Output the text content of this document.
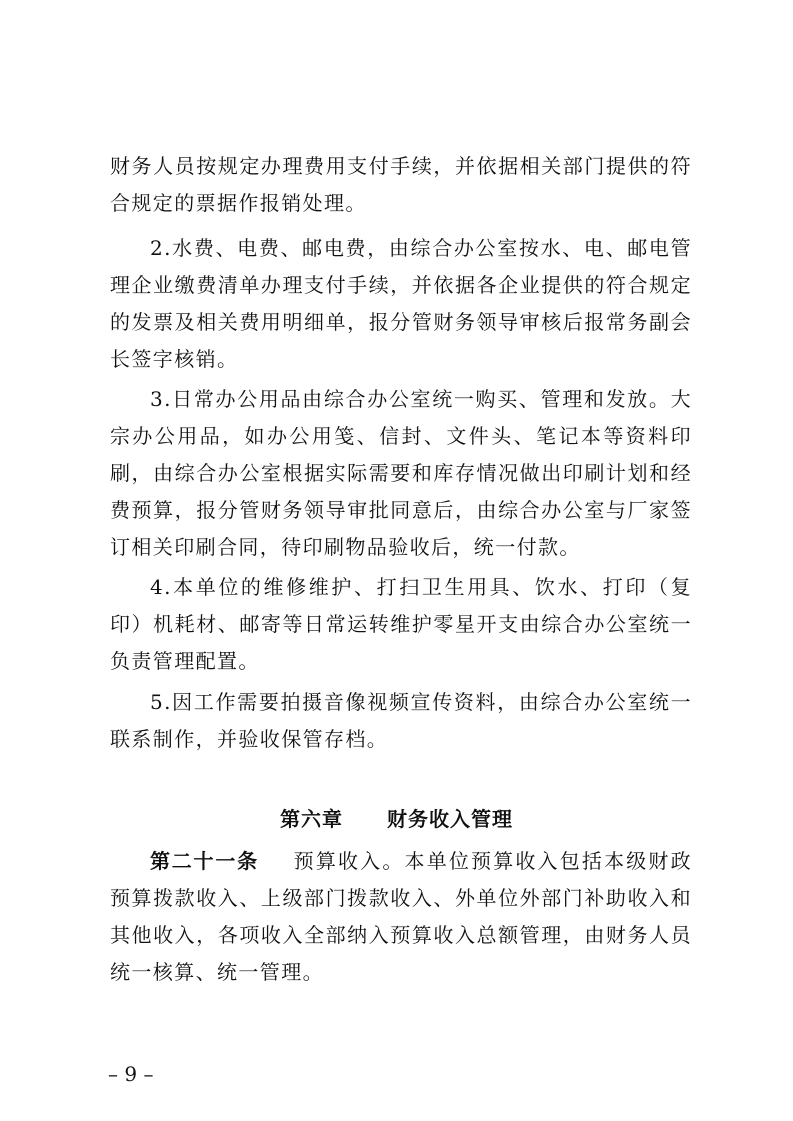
财务人员按规定办理费用支付手续，并依据相关部门提供的符合规定的票据作报销处理。

2.水费、电费、邮电费，由综合办公室按水、电、邮电管理企业缴费清单办理支付手续，并依据各企业提供的符合规定的发票及相关费用明细单，报分管财务领导审核后报常务副会长签字核销。

3.日常办公用品由综合办公室统一购买、管理和发放。大宗办公用品，如办公用笺、信封、文件头、笔记本等资料印刷，由综合办公室根据实际需要和库存情况做出印刷计划和经费预算，报分管财务领导审批同意后，由综合办公室与厂家签订相关印刷合同，待印刷物品验收后，统一付款。

4.本单位的维修维护、打扫卫生用具、饮水、打印（复印）机耗材、邮寄等日常运转维护零星开支由综合办公室统一负责管理配置。

5.因工作需要拍摄音像视频宣传资料，由综合办公室统一联系制作，并验收保管存档。

第六章 财务收入管理

第二十一条 预算收入。本单位预算收入包括本级财政预算拨款收入、上级部门拨款收入、外单位外部门补助收入和其他收入，各项收入全部纳入预算收入总额管理，由财务人员统一核算、统一管理。

– 9 –
